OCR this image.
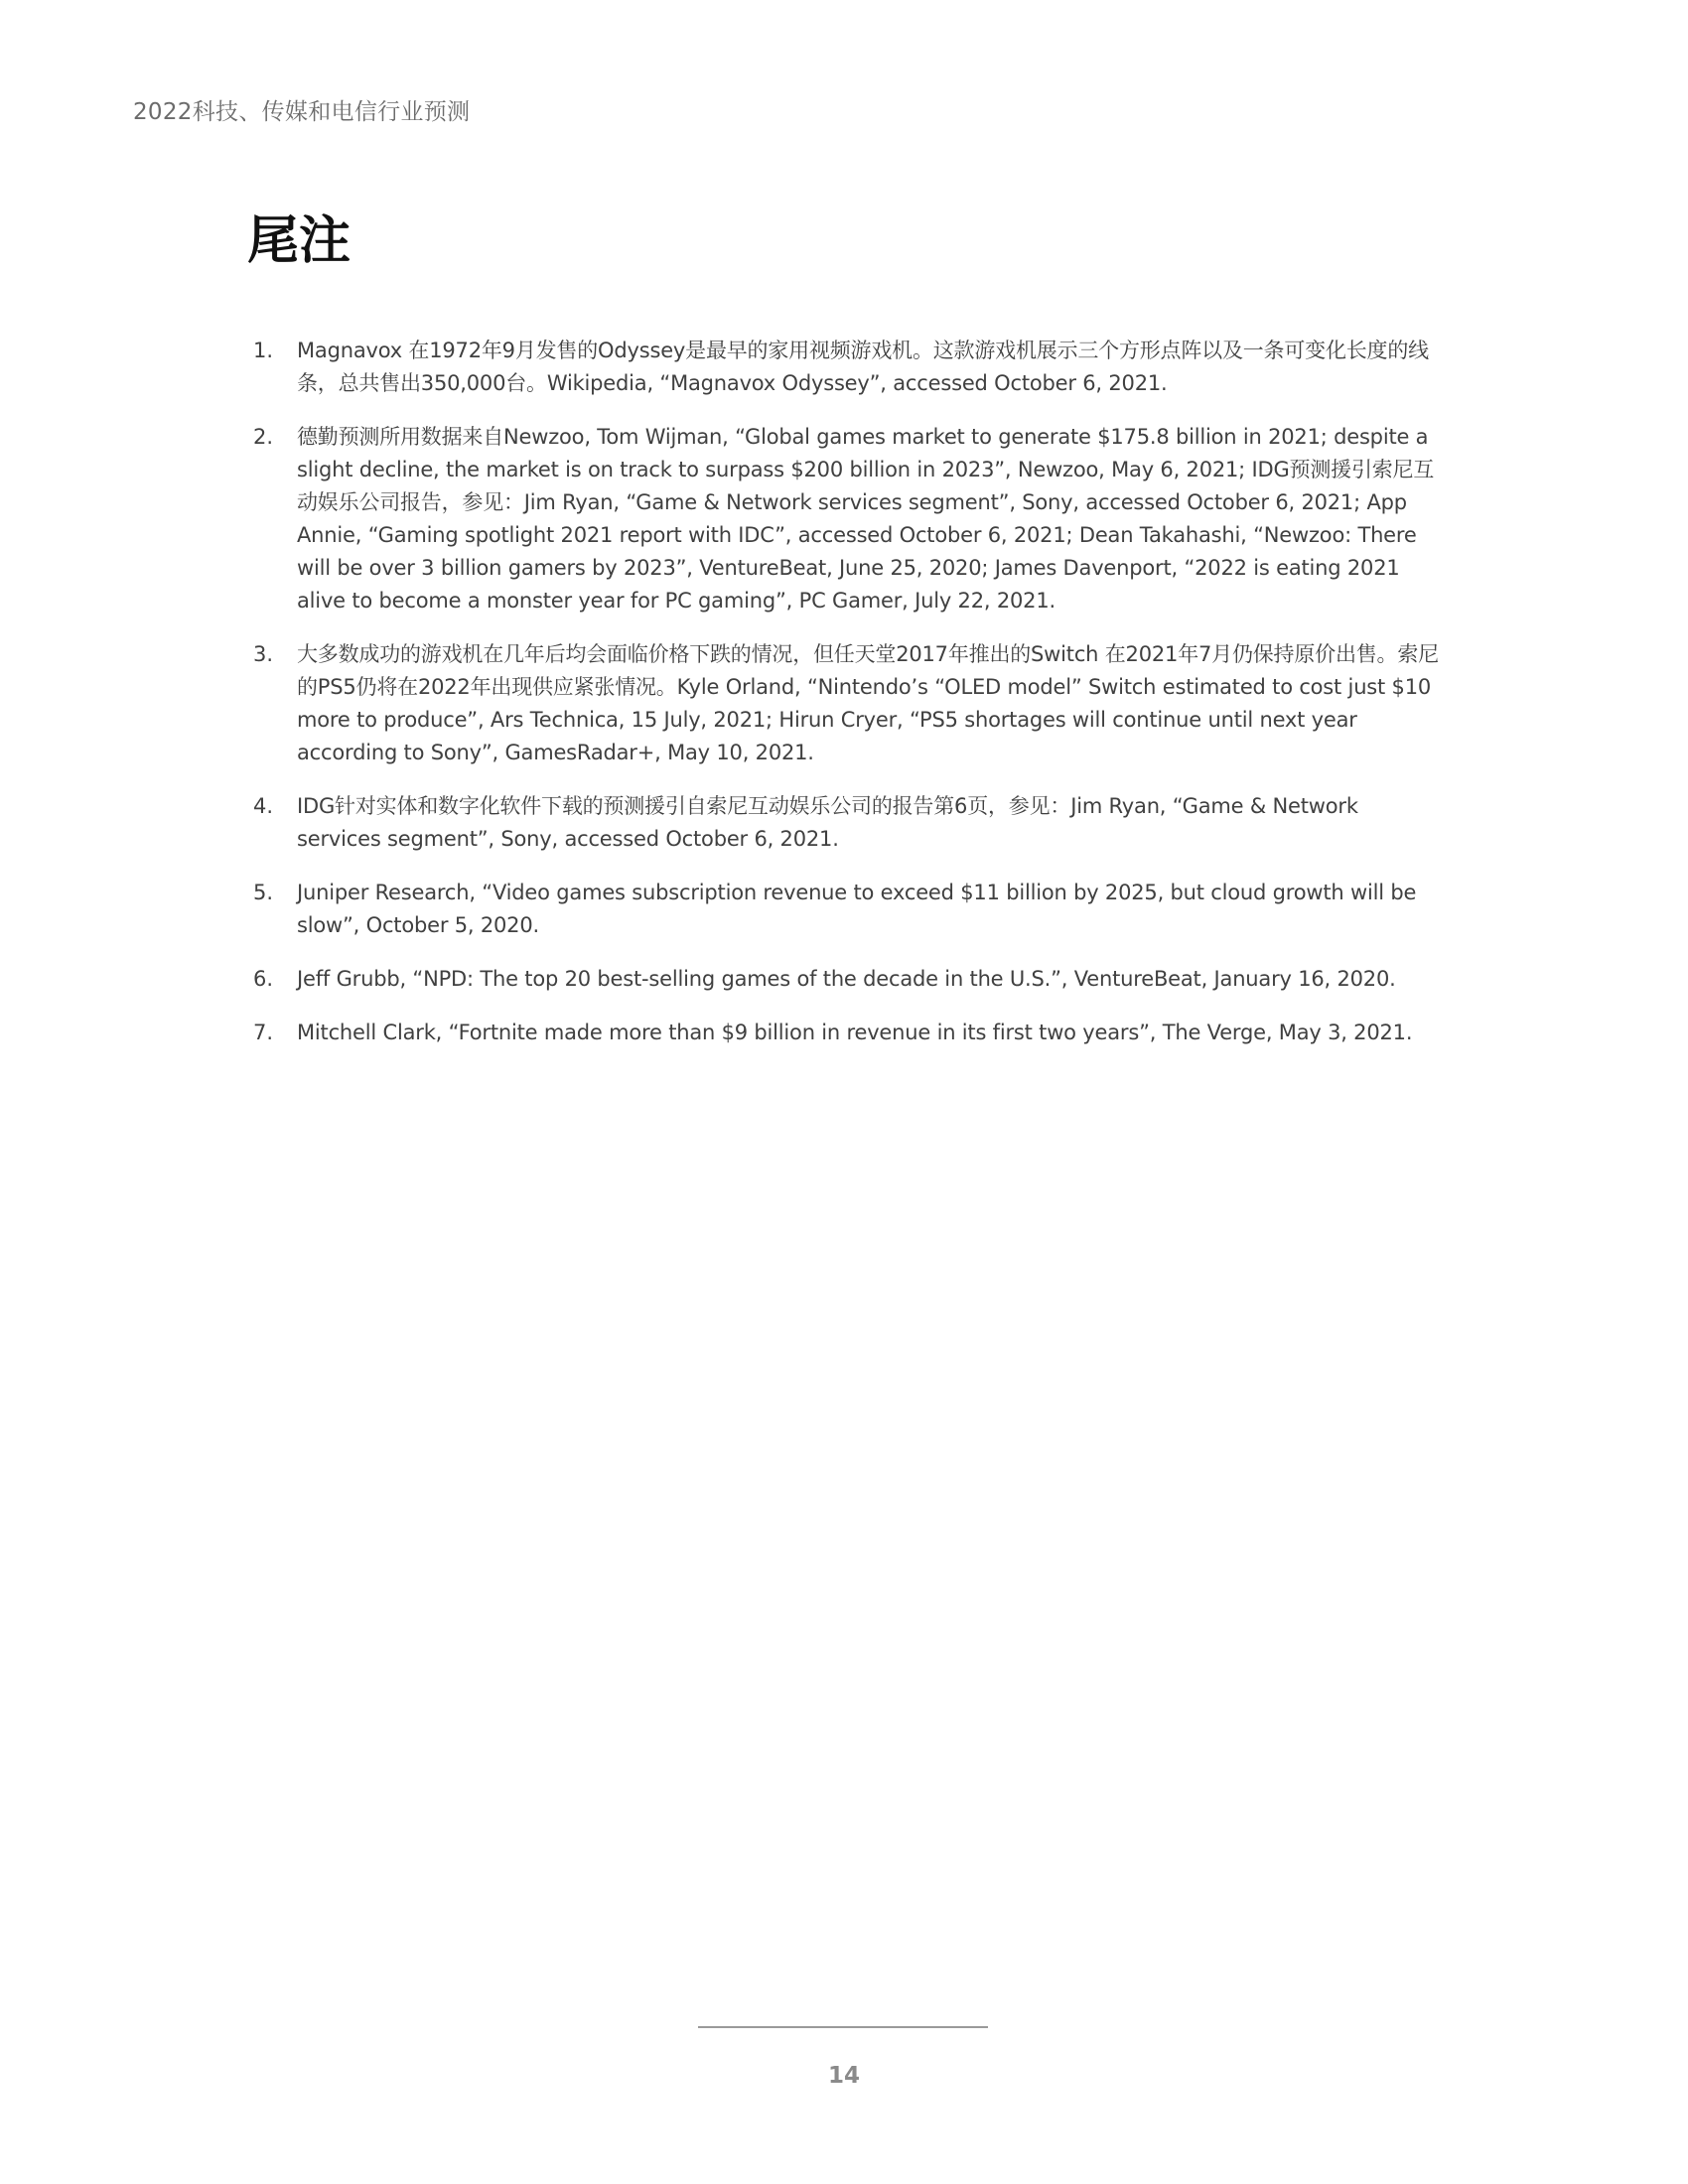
2022科技、传媒和电信行业预测
尾注
1.	Magnavox 在1972年9月发售的Odyssey是最早的家用视频游戏机。这款游戏机展示三个方形点阵以及一条可变化长度的线条，总共售出350,000台。Wikipedia, “Magnavox Odyssey”, accessed October 6, 2021.
2.	德勤预测所用数据来自Newzoo, Tom Wijman, “Global games market to generate $175.8 billion in 2021; despite a slight decline, the market is on track to surpass $200 billion in 2023”, Newzoo, May 6, 2021; IDG预测援引索尼互动娱乐公司报告，参见：Jim Ryan, “Game & Network services segment”, Sony, accessed October 6, 2021; App Annie, “Gaming spotlight 2021 report with IDC”, accessed October 6, 2021; Dean Takahashi, “Newzoo: There will be over 3 billion gamers by 2023”, VentureBeat, June 25, 2020; James Davenport, “2022 is eating 2021 alive to become a monster year for PC gaming”, PC Gamer, July 22, 2021.
3.	大多数成功的游戏机在几年后均会面临价格下跌的情况，但任天堂2017年推出的Switch 在2021年7月仍保持原价出售。索尼的PS5仍将在2022年出现供应紧张情况。Kyle Orland, “Nintendo’s “OLED model” Switch estimated to cost just $10 more to produce”, Ars Technica, 15 July, 2021; Hirun Cryer, “PS5 shortages will continue until next year according to Sony”, GamesRadar+, May 10, 2021.
4.	IDG针对实体和数字化软件下载的预测援引自索尼互动娱乐公司的报告第6页，参见：Jim Ryan, “Game & Network services segment”, Sony, accessed October 6, 2021.
5.	Juniper Research, “Video games subscription revenue to exceed $11 billion by 2025, but cloud growth will be slow”, October 5, 2020.
6.	Jeff Grubb, “NPD: The top 20 best-selling games of the decade in the U.S.”, VentureBeat, January 16, 2020.
7.	Mitchell Clark, “Fortnite made more than $9 billion in revenue in its first two years”, The Verge, May 3, 2021.
14
